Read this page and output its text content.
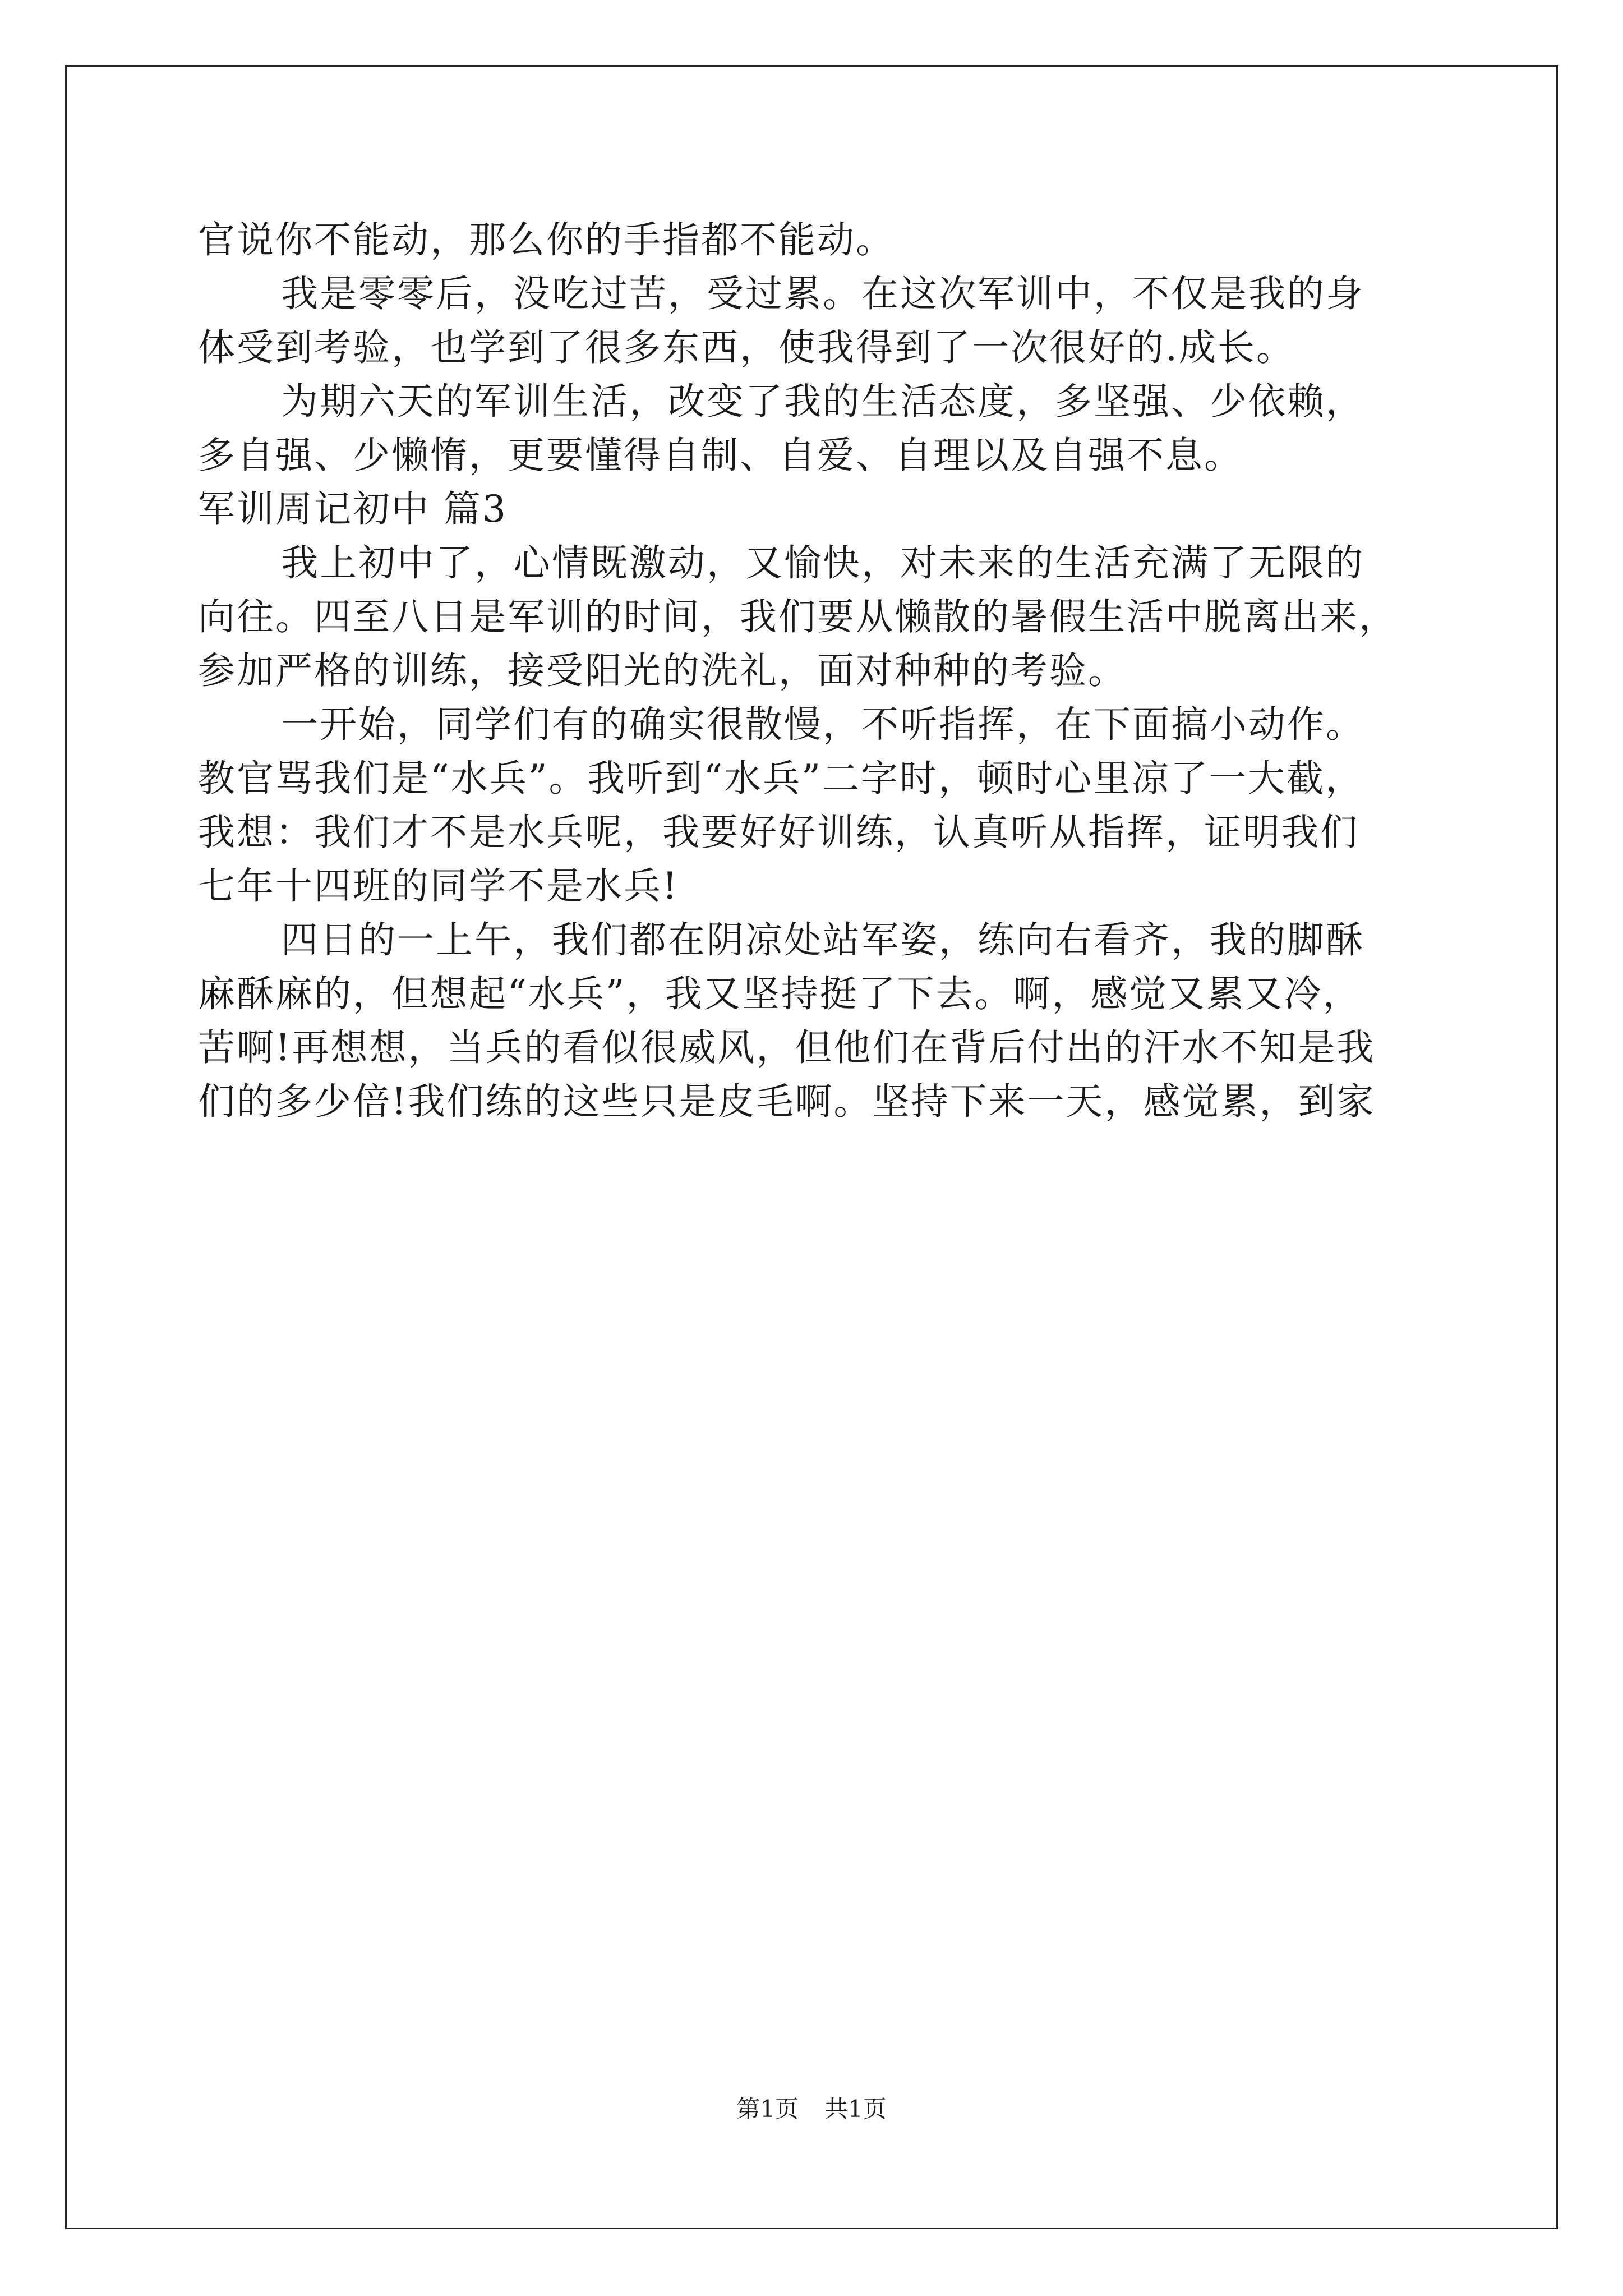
官说你不能动，那么你的手指都不能动。
我是零零后，没吃过苦，受过累。在这次军训中，不仅是我的身
体受到考验，也学到了很多东西，使我得到了一次很好的.成长。
为期六天的军训生活，改变了我的生活态度，多坚强、少依赖，
多自强、少懒惰，更要懂得自制、自爱、自理以及自强不息。
军训周记初中 篇3
我上初中了，心情既激动，又愉快，对未来的生活充满了无限的
向往。四至八日是军训的时间，我们要从懒散的暑假生活中脱离出来，
参加严格的训练，接受阳光的洗礼，面对种种的考验。
一开始，同学们有的确实很散慢，不听指挥，在下面搞小动作。
教官骂我们是“水兵”。我听到“水兵”二字时，顿时心里凉了一大截，
我想：我们才不是水兵呢，我要好好训练，认真听从指挥，证明我们
七年十四班的同学不是水兵!
四日的一上午，我们都在阴凉处站军姿，练向右看齐，我的脚酥
麻酥麻的，但想起“水兵”，我又坚持挺了下去。啊，感觉又累又冷，
苦啊!再想想，当兵的看似很威风，但他们在背后付出的汗水不知是我
们的多少倍!我们练的这些只是皮毛啊。坚持下来一天，感觉累，到家
第1页 共1页
